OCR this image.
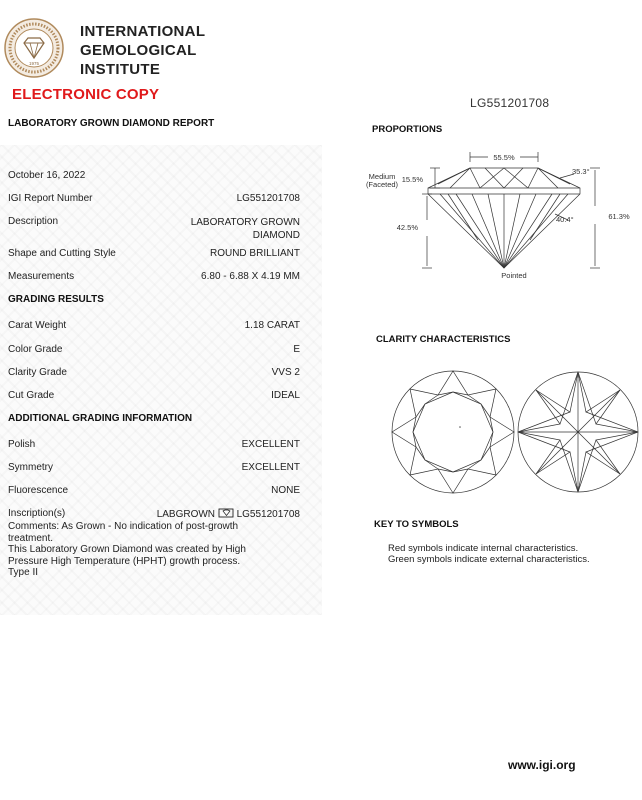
1975
INTERNATIONAL
GEMOLOGICAL
INSTITUTE
ELECTRONIC COPY	LG551201708
LABORATORY GROWN DIAMOND REPORT
October 16, 2022
IGI Report Number	LG551201708
Description	LABORATORY GROWN
DIAMOND
Shape and Cutting Style	ROUND BRILLIANT
Measurements	6.80 - 6.88 X 4.19 MM
GRADING RESULTS
Carat Weight	1.18 CARAT
Color Grade	E
Clarity Grade	VVS 2
Cut Grade	IDEAL
ADDITIONAL GRADING INFORMATION
Polish	EXCELLENT
Symmetry	EXCELLENT
Fluorescence	NONE
Inscription(s)	LABGROWN LG551201708
Comments: As Grown - No indication of post-growth
treatment.
This Laboratory Grown Diamond was created by High
Pressure High Temperature (HPHT) growth process.
Type II
PROPORTIONS
55.5%
35.3°
Medium
(Faceted)
15.5%
42.5%
40.4°	61.3%
Pointed
CLARITY CHARACTERISTICS
KEY TO SYMBOLS
Red symbols indicate internal characteristics.
Green symbols indicate external characteristics.
www.igi.org
